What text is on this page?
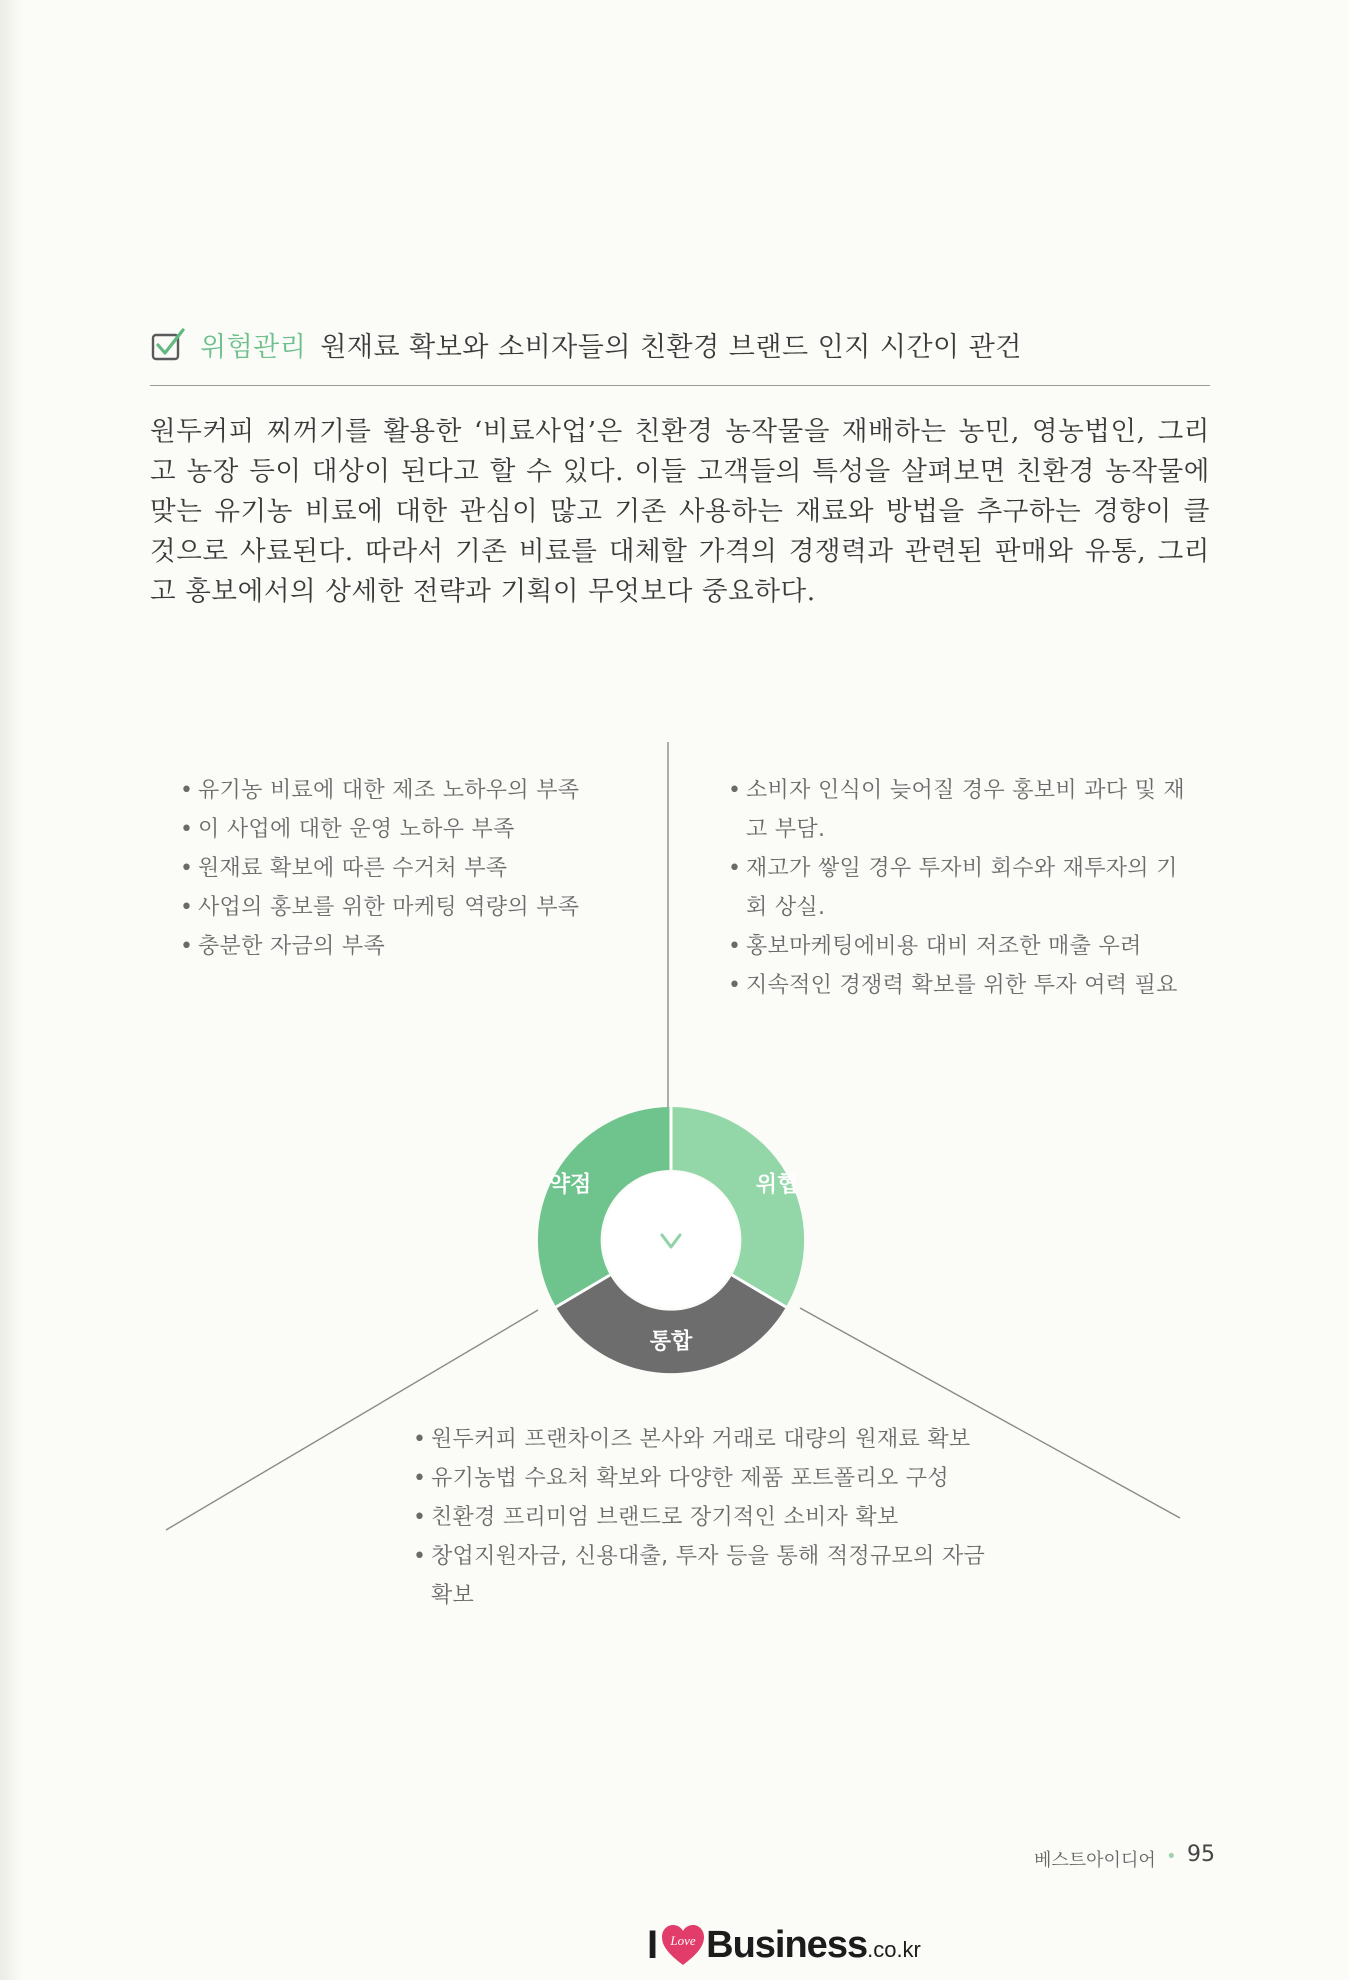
위험관리 원재료 확보와 소비자들의 친환경 브랜드 인지 시간이 관건

원두커피 찌꺼기를 활용한 ‘비료사업’은 친환경 농작물을 재배하는 농민, 영농법인, 그리고 농장 등이 대상이 된다고 할 수 있다. 이들 고객들의 특성을 살펴보면 친환경 농작물에 맞는 유기농 비료에 대한 관심이 많고 기존 사용하는 재료와 방법을 추구하는 경향이 클 것으로 사료된다. 따라서 기존 비료를 대체할 가격의 경쟁력과 관련된 판매와 유통, 그리고 홍보에서의 상세한 전략과 기획이 무엇보다 중요하다.

약점	위협
통합
• 유기농 비료에 대한 제조 노하우의 부족
• 이 사업에 대한 운영 노하우 부족
• 원재료 확보에 따른 수거처 부족
• 사업의 홍보를 위한 마케팅 역량의 부족
• 충분한 자금의 부족
• 소비자 인식이 늦어질 경우 홍보비 과다 및 재고 부담.
• 재고가 쌓일 경우 투자비 회수와 재투자의 기회 상실.
• 홍보마케팅에비용 대비 저조한 매출 우려
• 지속적인 경쟁력 확보를 위한 투자 여력 필요
• 원두커피 프랜차이즈 본사와 거래로 대량의 원재료 확보
• 유기농법 수요처 확보와 다양한 제품 포트폴리오 구성
• 친환경 프리미엄 브랜드로 장기적인 소비자 확보
• 창업지원자금, 신용대출, 투자 등을 통해 적정규모의 자금 확보
베스트아이디어 • 95
I Love Business .co.kr
